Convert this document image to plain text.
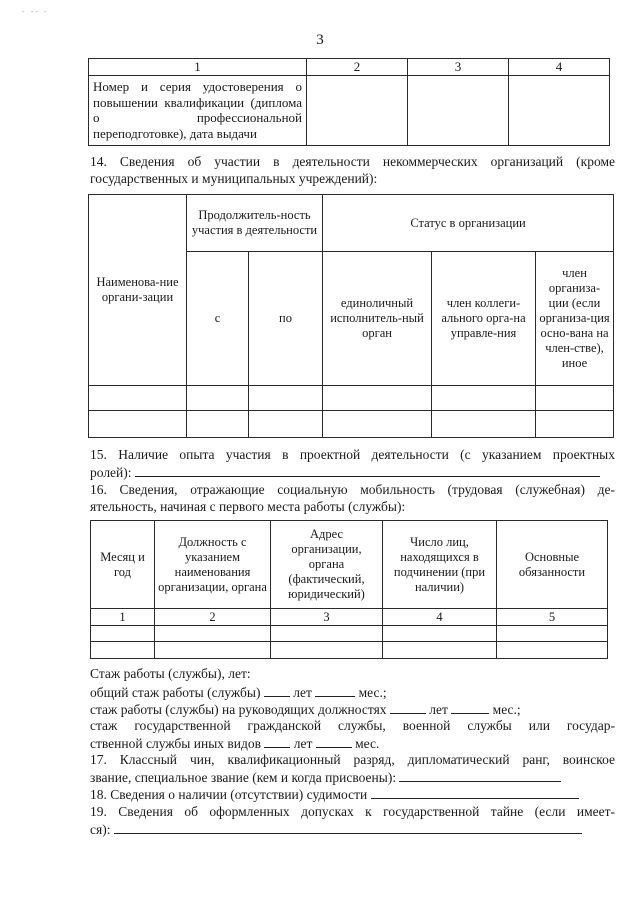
- -- -
3
1	2	3	4
Номер и серия удостоверения о повышении квалификации (диплома о профессиональной переподготовке), дата выдачи			
14. Сведения об участии в деятельности некоммерческих организаций (кроме
государственных и муниципальных учреждений):
Наименова-ние органи-зации	Продолжитель-ность участия в деятельности		Статус в организации		
	с	по	единоличный исполнитель-ный орган	член коллеги-ального орга-на управле-ния	член организа-ции (если организа-ция осно-вана на член-стве), иное

15. Наличие опыта участия в проектной деятельности (с указанием проектных
ролей):
16. Сведения, отражающие социальную мобильность (трудовая (служебная) де-
ятельность, начиная с первого места работы (службы):
Месяц и год	Должность с указанием наименования организации, органа	Адрес организации, органа (фактический, юридический)	Число лиц, находящихся в подчинении (при наличии)	Основные обязанности
1	2	3	4	5

Стаж работы (службы), лет:
общий стаж работы (службы) лет	мес.;
стаж работы (службы) на руководящих должностях	лет	мес.;
стаж государственной гражданской службы, военной службы или государ-
ственной службы иных видов лет	мес.
17. Классный чин, квалификационный разряд, дипломатический ранг, воинское
звание, специальное звание (кем и когда присвоены):
18. Сведения о наличии (отсутствии) судимости
19. Сведения об оформленных допусках к государственной тайне (если имеет-
ся):
